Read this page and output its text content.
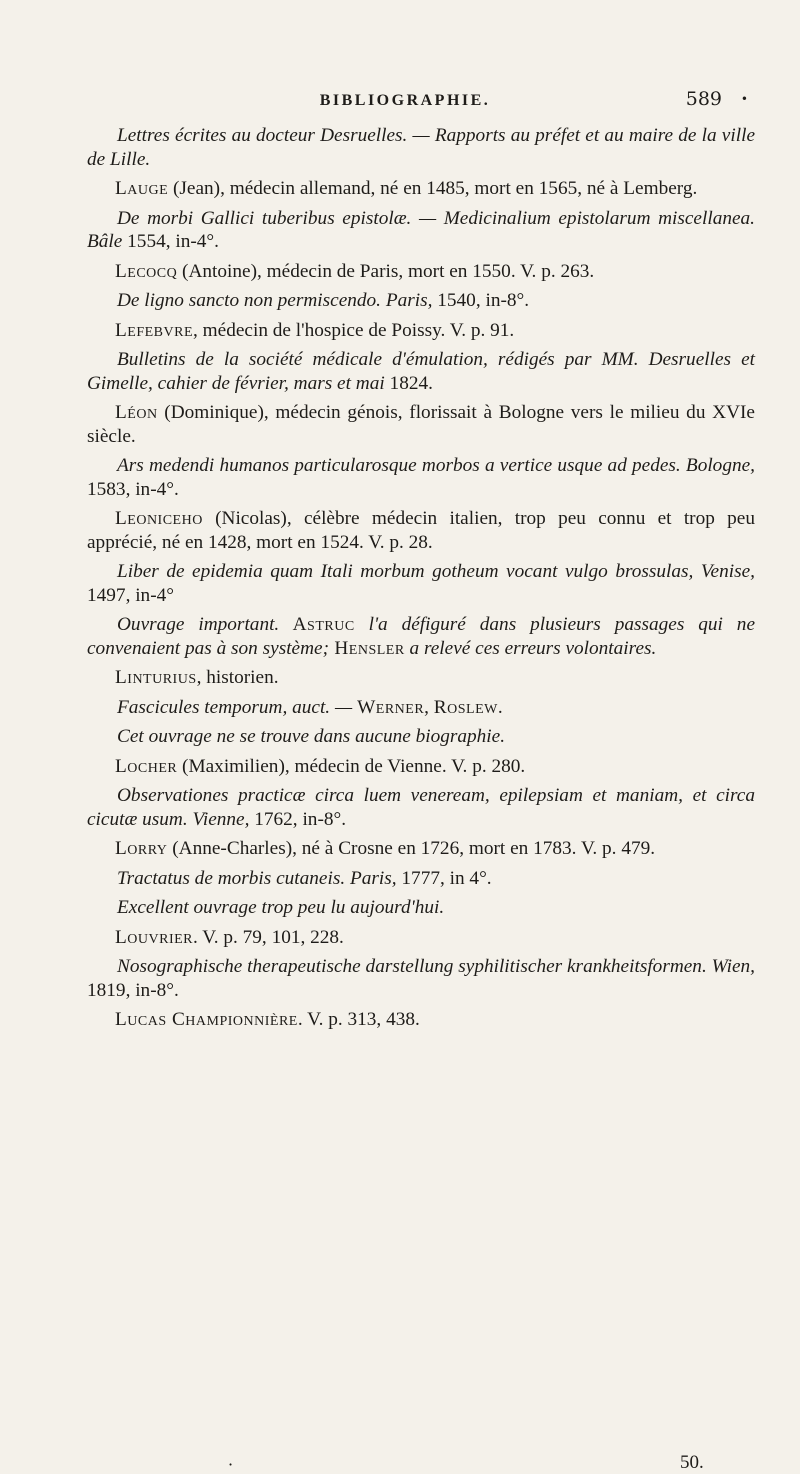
BIBLIOGRAPHIE.	589 •

Lettres écrites au docteur Desruelles. — Rapports au préfet et au maire de la ville de Lille.

Lauge (Jean), médecin allemand, né en 1485, mort en 1565, né à Lemberg.

De morbi Gallici tuberibus epistolæ. — Medicinalium epistolarum miscellanea. Bâle 1554, in-4°.

Lecocq (Antoine), médecin de Paris, mort en 1550. V. p. 263.

De ligno sancto non permiscendo. Paris, 1540, in-8°.

Lefebvre, médecin de l'hospice de Poissy. V. p. 91.

Bulletins de la société médicale d'émulation, rédigés par MM. Desruelles et Gimelle, cahier de février, mars et mai 1824.

Léon (Dominique), médecin génois, florissait à Bologne vers le milieu du XVIe siècle.

Ars medendi humanos particularosque morbos a vertice usque ad pedes. Bologne, 1583, in-4°.

Leonicено (Nicolas), célèbre médecin italien, trop peu connu et trop peu apprécié, né en 1428, mort en 1524. V. p. 28.

Liber de epidemia quam Itali morbum gotheum vocant vulgo brossulas, Venise, 1497, in-4°

Ouvrage important. Astruc l'a défiguré dans plusieurs passages qui ne convenaient pas à son système; Hensler a relevé ces erreurs volontaires.

Linturius, historien.

Fascicules temporum, auct. — Werner, Roslew.

Cet ouvrage ne se trouve dans aucune biographie.

Locher (Maximilien), médecin de Vienne. V. p. 280.

Observationes practicæ circa luem veneream, epilepsiam et maniam, et circa cicutæ usum. Vienne, 1762, in-8°.

Lorry (Anne-Charles), né à Crosne en 1726, mort en 1783. V. p. 479.

Tractatus de morbis cutaneis. Paris, 1777, in 4°.

Excellent ouvrage trop peu lu aujourd'hui.

Louvrier. V. p. 79, 101, 228.

Nosographische therapeutische darstellung syphilitischer krankheitsformen. Wien, 1819, in-8°.

Lucas Championnière. V. p. 313, 438.

·	50.
